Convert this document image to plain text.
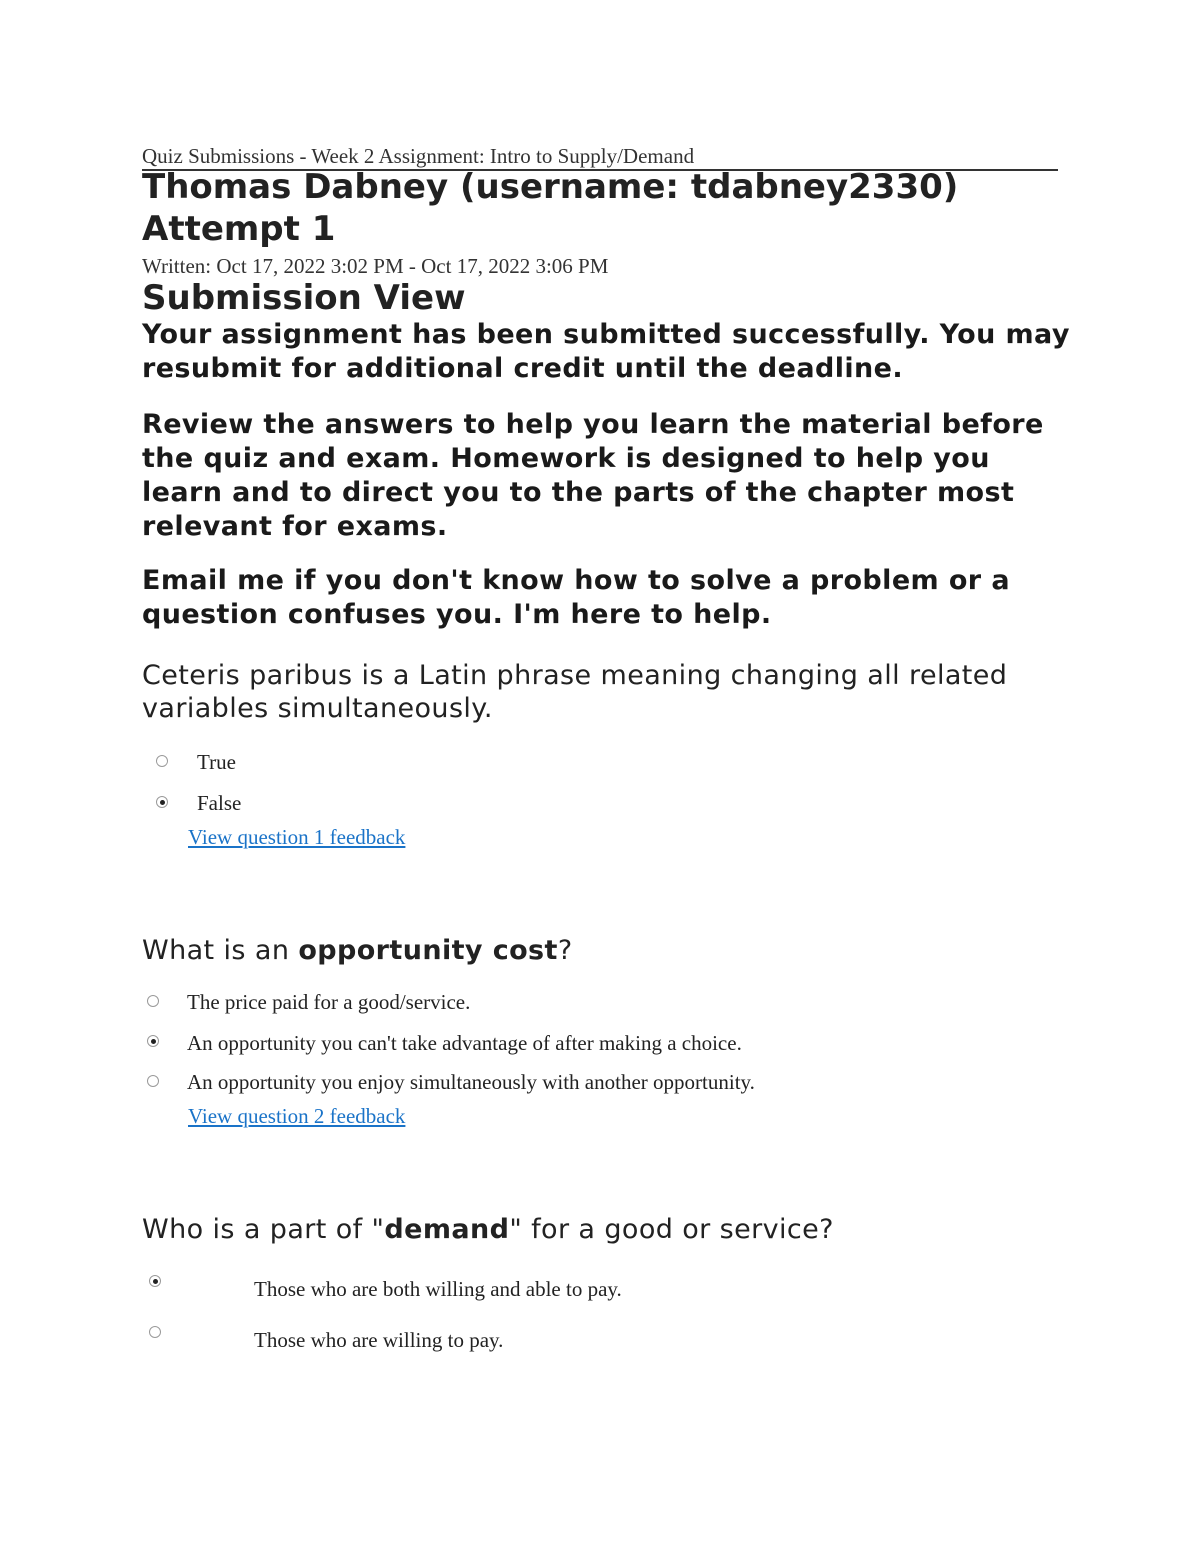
Quiz Submissions - Week 2 Assignment: Intro to Supply/Demand
Thomas Dabney (username: tdabney2330) Attempt 1
Written: Oct 17, 2022 3:02 PM - Oct 17, 2022 3:06 PM
Submission View

Your assignment has been submitted successfully. You may resubmit for additional credit until the deadline.

Review the answers to help you learn the material before the quiz and exam. Homework is designed to help you learn and to direct you to the parts of the chapter most relevant for exams.

Email me if you don't know how to solve a problem or a question confuses you. I'm here to help.

Ceteris paribus is a Latin phrase meaning changing all related variables simultaneously.

True
False
View question 1 feedback

What is an opportunity cost?

The price paid for a good/service.
An opportunity you can't take advantage of after making a choice.
An opportunity you enjoy simultaneously with another opportunity.
View question 2 feedback

Who is a part of "demand" for a good or service?

Those who are both willing and able to pay.
Those who are willing to pay.
